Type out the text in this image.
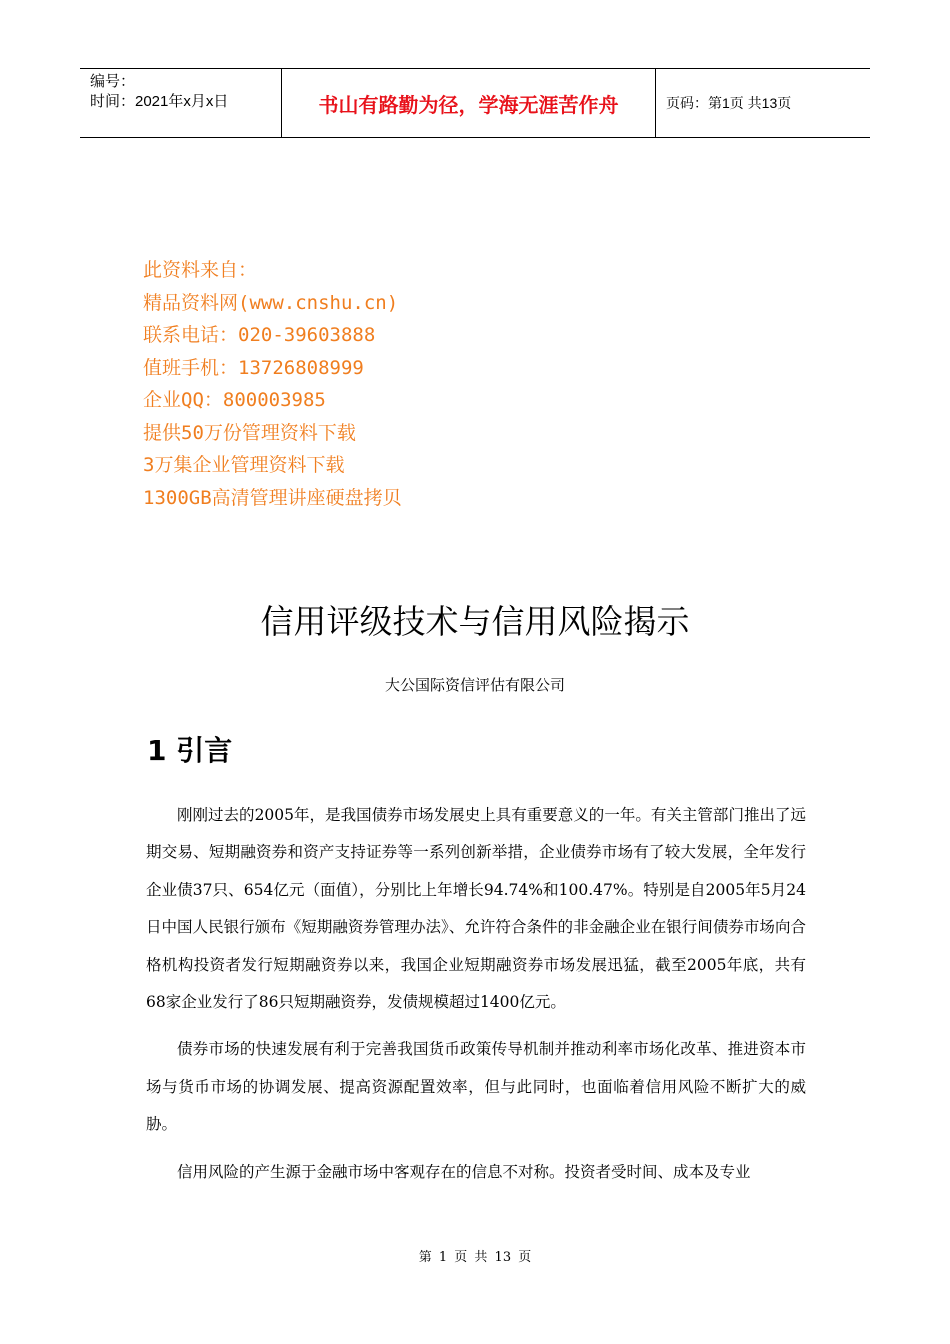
编号：
时间：2021年x月x日	书山有路勤为径，学海无涯苦作舟	页码：第1页 共13页
此资料来自：
精品资料网(www.cnshu.cn)
联系电话：020-39603888
值班手机：13726808999
企业QQ：800003985
提供50万份管理资料下载
3万集企业管理资料下载
1300GB高清管理讲座硬盘拷贝
信用评级技术与信用风险揭示
大公国际资信评估有限公司
1 引言

刚刚过去的2005年，是我国债券市场发展史上具有重要意义的一年。有关主管部门推出了远期交易、短期融资券和资产支持证券等一系列创新举措，企业债券市场有了较大发展，全年发行企业债37只、654亿元（面值），分别比上年增长94.74%和100.47%。特别是自2005年5月24日中国人民银行颁布《短期融资券管理办法》、允许符合条件的非金融企业在银行间债券市场向合格机构投资者发行短期融资券以来，我国企业短期融资券市场发展迅猛，截至2005年底，共有68家企业发行了86只短期融资券，发债规模超过1400亿元。

债券市场的快速发展有利于完善我国货币政策传导机制并推动利率市场化改革、推进资本市场与货币市场的协调发展、提高资源配置效率，但与此同时，也面临着信用风险不断扩大的威胁。

信用风险的产生源于金融市场中客观存在的信息不对称。投资者受时间、成本及专业

第 1 页 共 13 页
